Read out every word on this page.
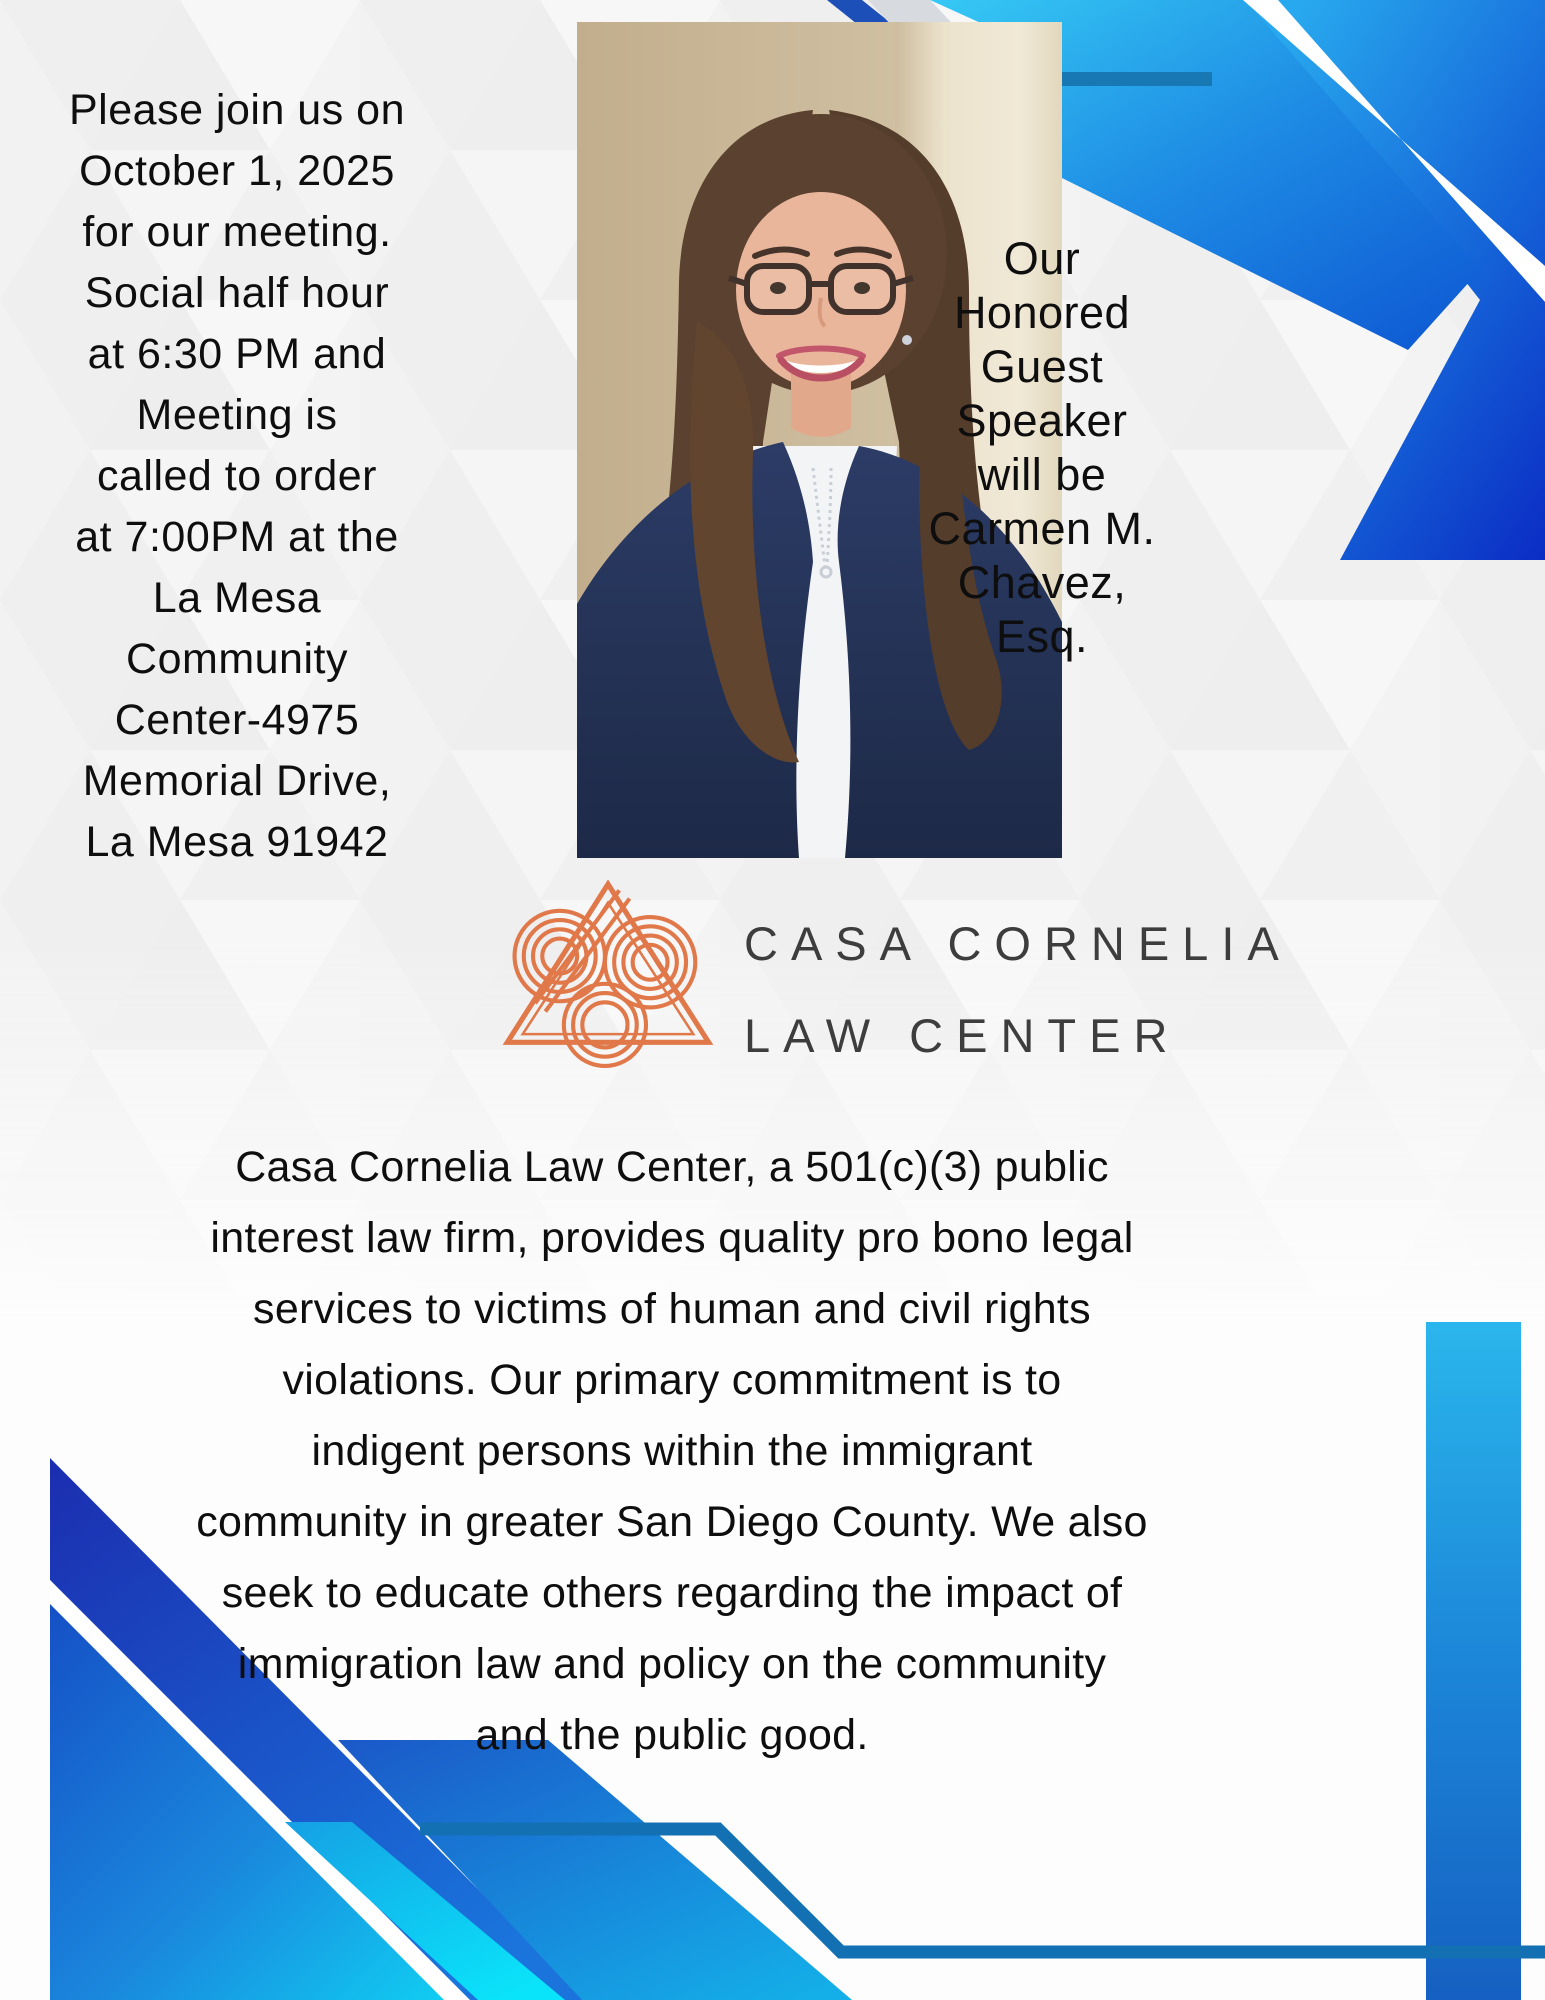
Please join us on
October 1, 2025
for our meeting.
Social half hour
at 6:30 PM and
Meeting is
called to order
at 7:00PM at the
La Mesa
Community
Center-4975
Memorial Drive,
La Mesa 91942
Our
Honored
Guest
Speaker
will be
Carmen M.
Chavez,
Esq.
CASA CORNELIA
LAW CENTER
Casa Cornelia Law Center, a 501(c)(3) public
interest law firm, provides quality pro bono legal
services to victims of human and civil rights
violations. Our primary commitment is to
indigent persons within the immigrant
community in greater San Diego County. We also
seek to educate others regarding the impact of
immigration law and policy on the community
and the public good.
